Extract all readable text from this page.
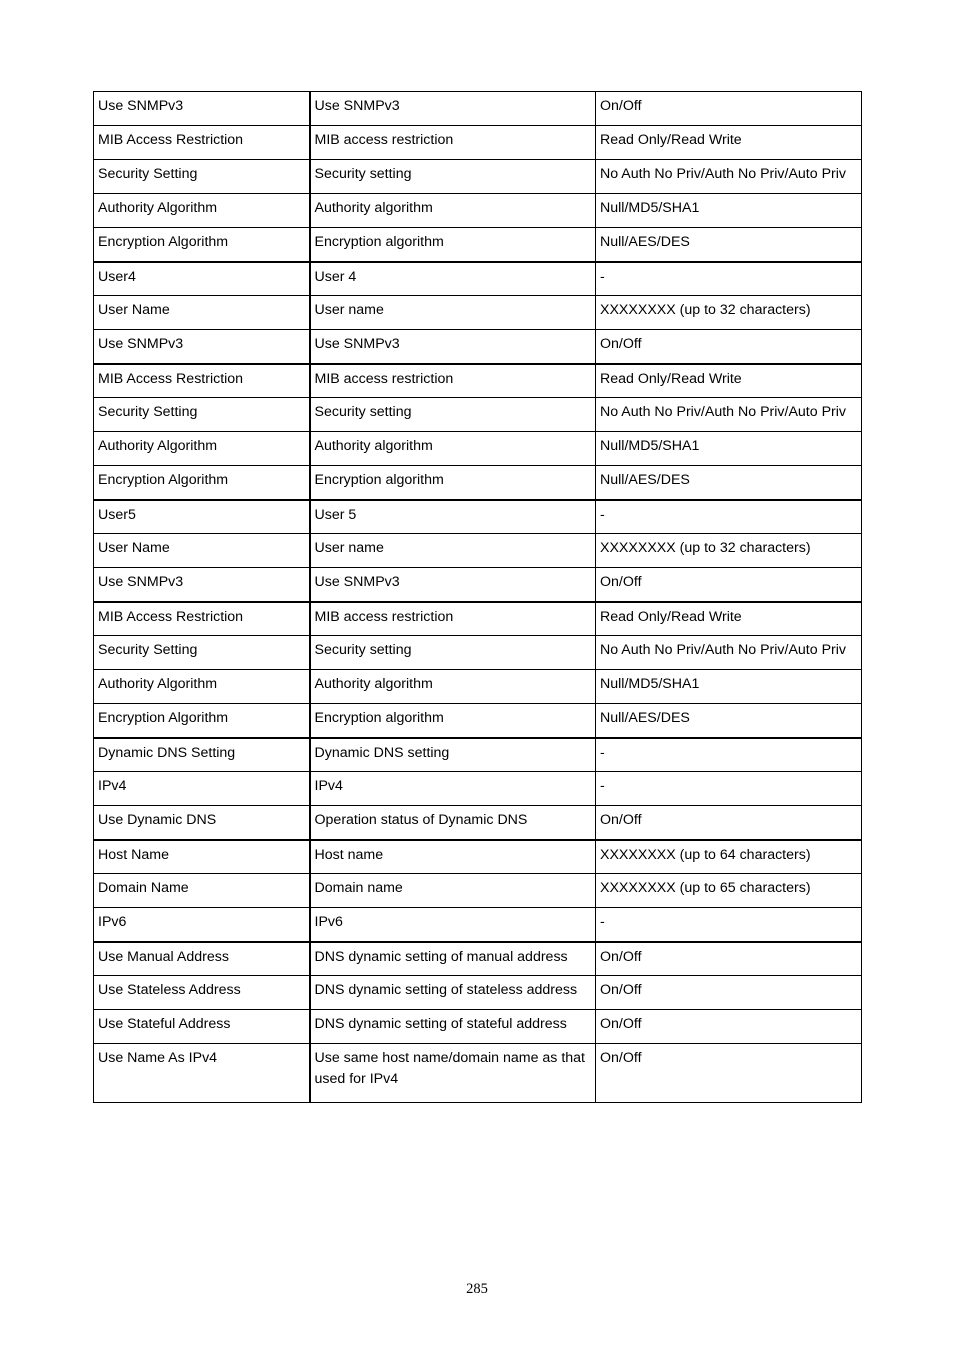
Use SNMPv3	Use SNMPv3	On/Off
MIB Access Restriction	MIB access restriction	Read Only/Read Write
Security Setting	Security setting	No Auth No Priv/Auth No Priv/Auto Priv
Authority Algorithm	Authority algorithm	Null/MD5/SHA1
Encryption Algorithm	Encryption algorithm	Null/AES/DES
User4	User 4	-
User Name	User name	XXXXXXXX (up to 32 characters)
Use SNMPv3	Use SNMPv3	On/Off
MIB Access Restriction	MIB access restriction	Read Only/Read Write
Security Setting	Security setting	No Auth No Priv/Auth No Priv/Auto Priv
Authority Algorithm	Authority algorithm	Null/MD5/SHA1
Encryption Algorithm	Encryption algorithm	Null/AES/DES
User5	User 5	-
User Name	User name	XXXXXXXX (up to 32 characters)
Use SNMPv3	Use SNMPv3	On/Off
MIB Access Restriction	MIB access restriction	Read Only/Read Write
Security Setting	Security setting	No Auth No Priv/Auth No Priv/Auto Priv
Authority Algorithm	Authority algorithm	Null/MD5/SHA1
Encryption Algorithm	Encryption algorithm	Null/AES/DES
Dynamic DNS Setting	Dynamic DNS setting	-
IPv4	IPv4	-
Use Dynamic DNS	Operation status of Dynamic DNS	On/Off
Host Name	Host name	XXXXXXXX (up to 64 characters)
Domain Name	Domain name	XXXXXXXX (up to 65 characters)
IPv6	IPv6	-
Use Manual Address	DNS dynamic setting of manual address	On/Off
Use Stateless Address	DNS dynamic setting of stateless address	On/Off
Use Stateful Address	DNS dynamic setting of stateful address	On/Off
Use Name As IPv4	Use same host name/domain name as that used for IPv4	On/Off
285
